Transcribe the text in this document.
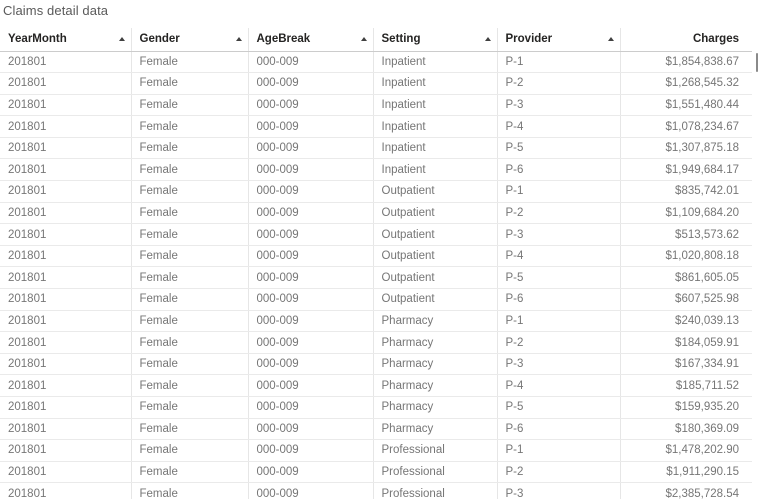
Claims detail data
YearMonth	Gender	AgeBreak	Setting	Provider	Charges

201801	Female	000-009	Inpatient	P-1	$1,854,838.67
201801	Female	000-009	Inpatient	P-2	$1,268,545.32
201801	Female	000-009	Inpatient	P-3	$1,551,480.44
201801	Female	000-009	Inpatient	P-4	$1,078,234.67
201801	Female	000-009	Inpatient	P-5	$1,307,875.18
201801	Female	000-009	Inpatient	P-6	$1,949,684.17
201801	Female	000-009	Outpatient	P-1	$835,742.01
201801	Female	000-009	Outpatient	P-2	$1,109,684.20
201801	Female	000-009	Outpatient	P-3	$513,573.62
201801	Female	000-009	Outpatient	P-4	$1,020,808.18
201801	Female	000-009	Outpatient	P-5	$861,605.05
201801	Female	000-009	Outpatient	P-6	$607,525.98
201801	Female	000-009	Pharmacy	P-1	$240,039.13
201801	Female	000-009	Pharmacy	P-2	$184,059.91
201801	Female	000-009	Pharmacy	P-3	$167,334.91
201801	Female	000-009	Pharmacy	P-4	$185,711.52
201801	Female	000-009	Pharmacy	P-5	$159,935.20
201801	Female	000-009	Pharmacy	P-6	$180,369.09
201801	Female	000-009	Professional	P-1	$1,478,202.90
201801	Female	000-009	Professional	P-2	$1,911,290.15
201801	Female	000-009	Professional	P-3	$2,385,728.54
